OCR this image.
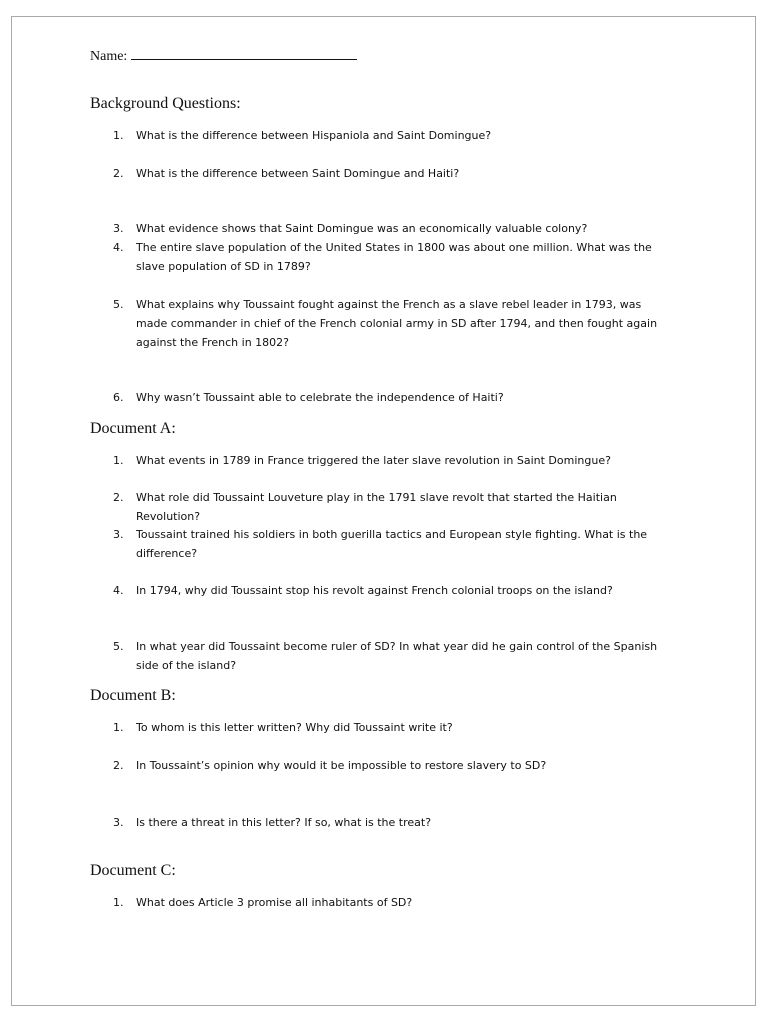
Name:
Background Questions:
1.	What is the difference between Hispaniola and Saint Domingue?
2.	What is the difference between Saint Domingue and Haiti?
3.	What evidence shows that Saint Domingue was an economically valuable colony?
4.	The entire slave population of the United States in 1800 was about one million. What was the slave population of SD in 1789?
5.	What explains why Toussaint fought against the French as a slave rebel leader in 1793, was made commander in chief of the French colonial army in SD after 1794, and then fought again against the French in 1802?
6.	Why wasn’t Toussaint able to celebrate the independence of Haiti?
Document A:
1.	What events in 1789 in France triggered the later slave revolution in Saint Domingue?
2.	What role did Toussaint Louveture play in the 1791 slave revolt that started the Haitian Revolution?
3.	Toussaint trained his soldiers in both guerilla tactics and European style fighting. What is the difference?
4.	In 1794, why did Toussaint stop his revolt against French colonial troops on the island?
5.	In what year did Toussaint become ruler of SD? In what year did he gain control of the Spanish side of the island?
Document B:
1.	To whom is this letter written? Why did Toussaint write it?
2.	In Toussaint’s opinion why would it be impossible to restore slavery to SD?
3.	Is there a threat in this letter? If so, what is the treat?
Document C:
1.	What does Article 3 promise all inhabitants of SD?
